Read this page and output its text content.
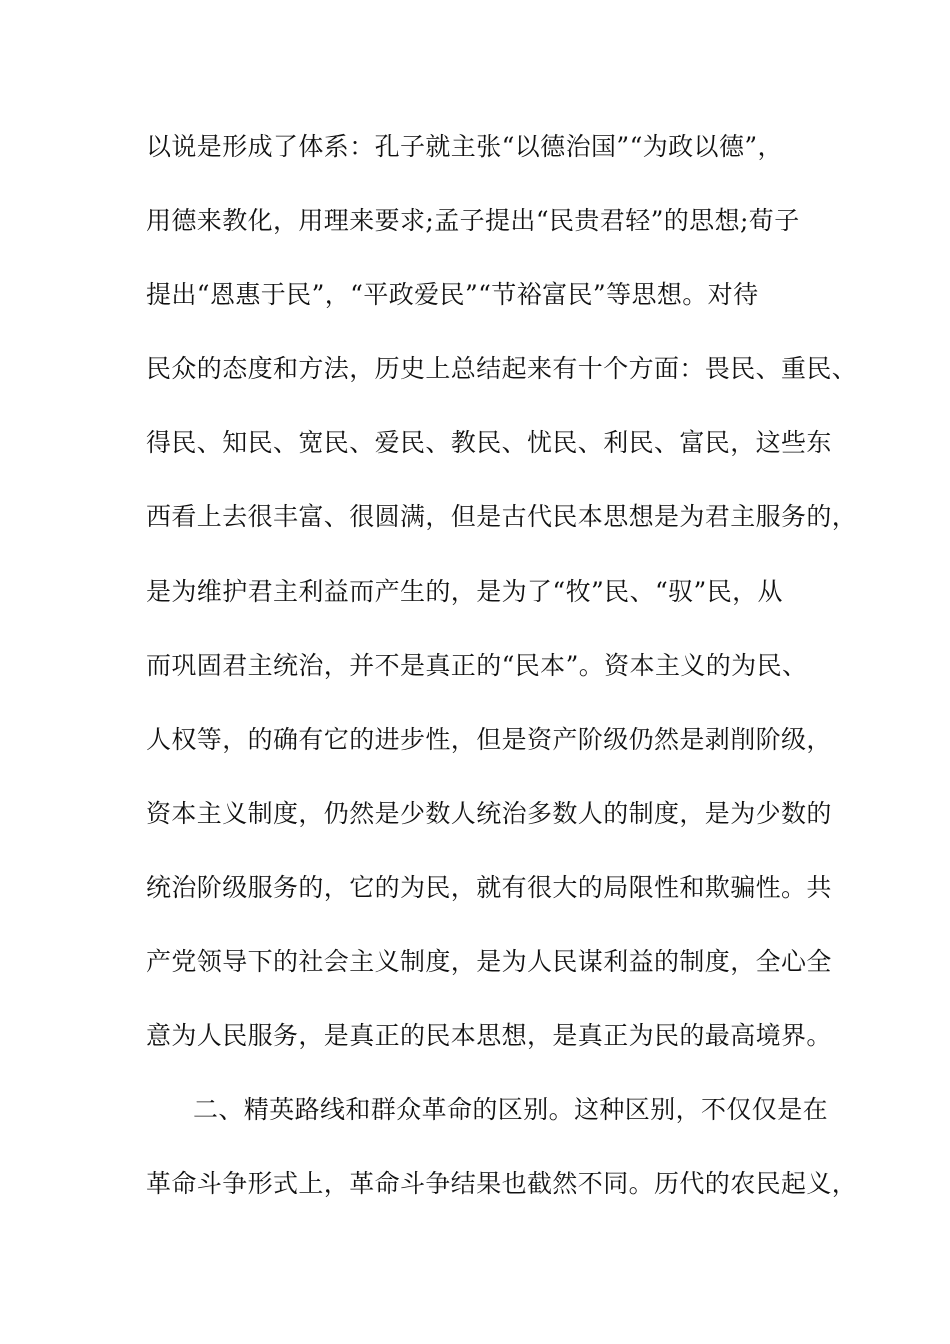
以说是形成了体系：孔子就主张“以德治国”“为政以德”，
用德来教化，用理来要求;孟子提出“民贵君轻”的思想;荀子
提出“恩惠于民”，“平政爱民”“节裕富民”等思想。对待
民众的态度和方法，历史上总结起来有十个方面：畏民、重民、
得民、知民、宽民、爱民、教民、忧民、利民、富民，这些东
西看上去很丰富、很圆满，但是古代民本思想是为君主服务的，
是为维护君主利益而产生的，是为了“牧”民、“驭”民，从
而巩固君主统治，并不是真正的“民本”。资本主义的为民、
人权等，的确有它的进步性，但是资产阶级仍然是剥削阶级，
资本主义制度，仍然是少数人统治多数人的制度，是为少数的
统治阶级服务的，它的为民，就有很大的局限性和欺骗性。共
产党领导下的社会主义制度，是为人民谋利益的制度，全心全
意为人民服务，是真正的民本思想，是真正为民的最高境界。
二、精英路线和群众革命的区别。这种区别，不仅仅是在
革命斗争形式上，革命斗争结果也截然不同。历代的农民起义，
